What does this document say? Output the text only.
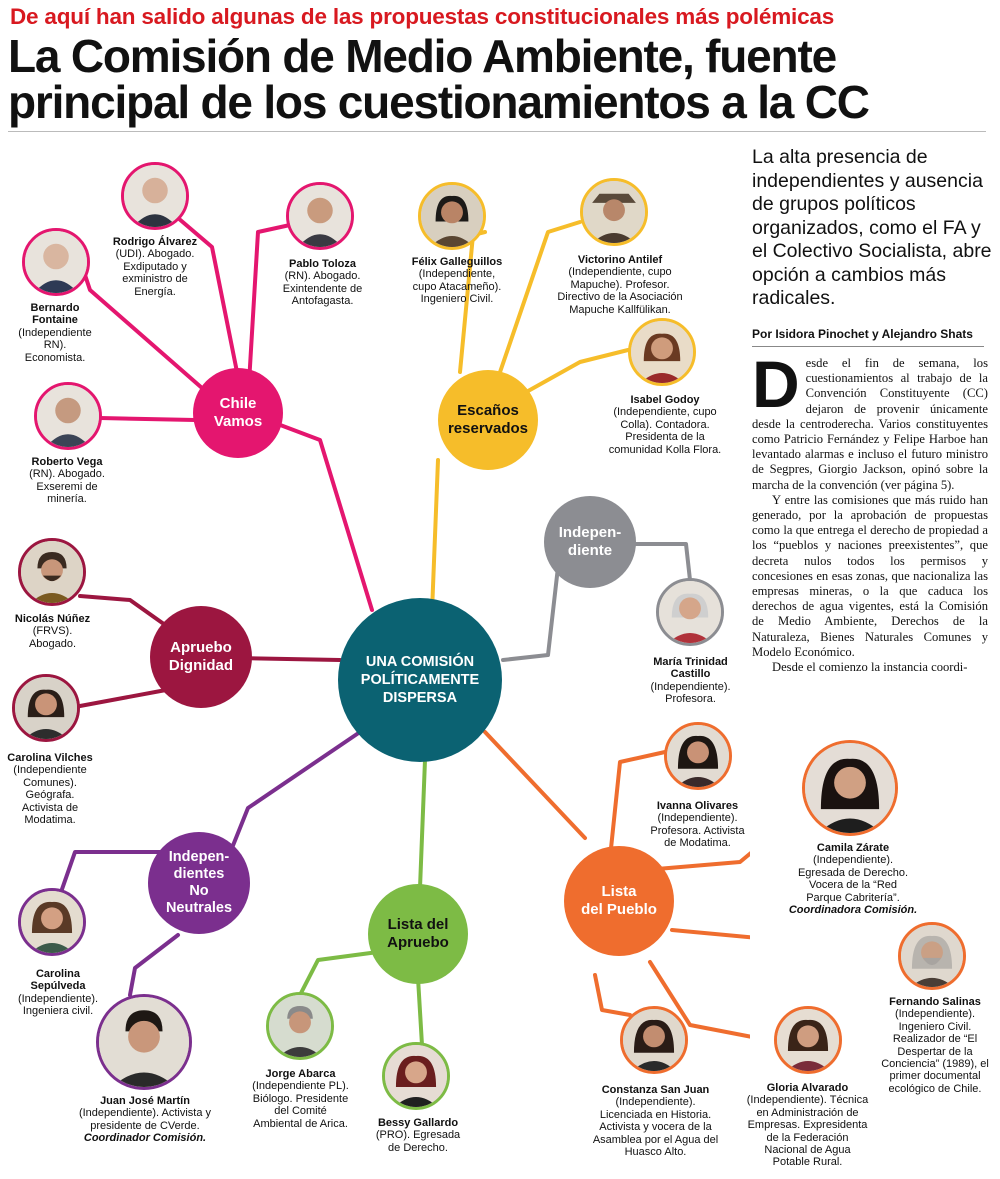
De aquí han salido algunas de las propuestas constitucionales más polémicas
La Comisión de Medio Ambiente, fuente principal de los cuestionamientos a la CC
UNA COMISIÓN
POLÍTICAMENTE
DISPERSA
Chile
Vamos
Escaños
reservados
Indepen-
diente
Apruebo
Dignidad
Indepen-
dientes
No
Neutrales
Lista del
Apruebo
Lista
del Pueblo
Rodrigo Álvarez
(UDI). Abogado.
Exdiputado y
exministro de
Energía.
Pablo Toloza
(RN). Abogado.
Exintendente de
Antofagasta.
Bernardo
Fontaine
(Independiente
RN).
Economista.
Roberto Vega
(RN). Abogado.
Exseremi de
minería.
Félix Galleguillos
(Independiente,
cupo Atacameño).
Ingeniero Civil.
Victorino Antilef
(Independiente, cupo
Mapuche). Profesor.
Directivo de la Asociación
Mapuche Kallfülikan.
Isabel Godoy
(Independiente, cupo
Colla). Contadora.
Presidenta de la
comunidad Kolla Flora.
María Trinidad
Castillo
(Independiente).
Profesora.
Nicolás Núñez
(FRVS).
Abogado.
Carolina Vilches
(Independiente
Comunes).
Geógrafa.
Activista de
Modatima.
Carolina
Sepúlveda
(Independiente).
Ingeniera civil.
Juan José Martín
(Independiente). Activista y
presidente de CVerde.
Coordinador Comisión.
Jorge Abarca
(Independiente PL).
Biólogo. Presidente
del Comité
Ambiental de Arica.	Bessy Gallardo
(PRO). Egresada
de Derecho.
Ivanna Olivares
(Independiente).
Profesora. Activista
de Modatima.	Camila Zárate
(Independiente).
Egresada de Derecho.
Vocera de la “Red
Parque Cabritería”.
Coordinadora Comisión.
Fernando Salinas
(Independiente).
Ingeniero Civil.
Realizador de “El
Despertar de la
Conciencia” (1989), el
primer documental
ecológico de Chile.
Constanza San Juan
(Independiente).
Licenciada en Historia.
Activista y vocera de la
Asamblea por el Agua del
Huasco Alto.
Gloria Alvarado
(Independiente). Técnica
en Administración de
Empresas. Expresidenta
de la Federación
Nacional de Agua
Potable Rural.
La alta presencia de independientes y ausencia de grupos políticos organizados, como el FA y el Colectivo Socialista, abre opción a cambios más radicales.
Por Isidora Pinochet y Alejandro Shats

Desde el fin de semana, los cuestionamientos al trabajo de la Convención Constituyente (CC) dejaron de provenir únicamente desde la centroderecha. Varios constituyentes como Patricio Fernández y Felipe Harboe han levantado alarmas e incluso el futuro ministro de Segpres, Giorgio Jackson, opinó sobre la marcha de la convención (ver página 5).

Y entre las comisiones que más ruido han generado, por la aprobación de propuestas como la que entrega el derecho de propiedad a los “pueblos y naciones preexistentes”, que decreta nulos todos los permisos y concesiones en esas zonas, que nacionaliza las empresas mineras, o la que caduca los derechos de agua vigentes, está la Comisión de Medio Ambiente, Derechos de la Naturaleza, Bienes Naturales Comunes y Modelo Económico.

Desde el comienzo la instancia coordi-
